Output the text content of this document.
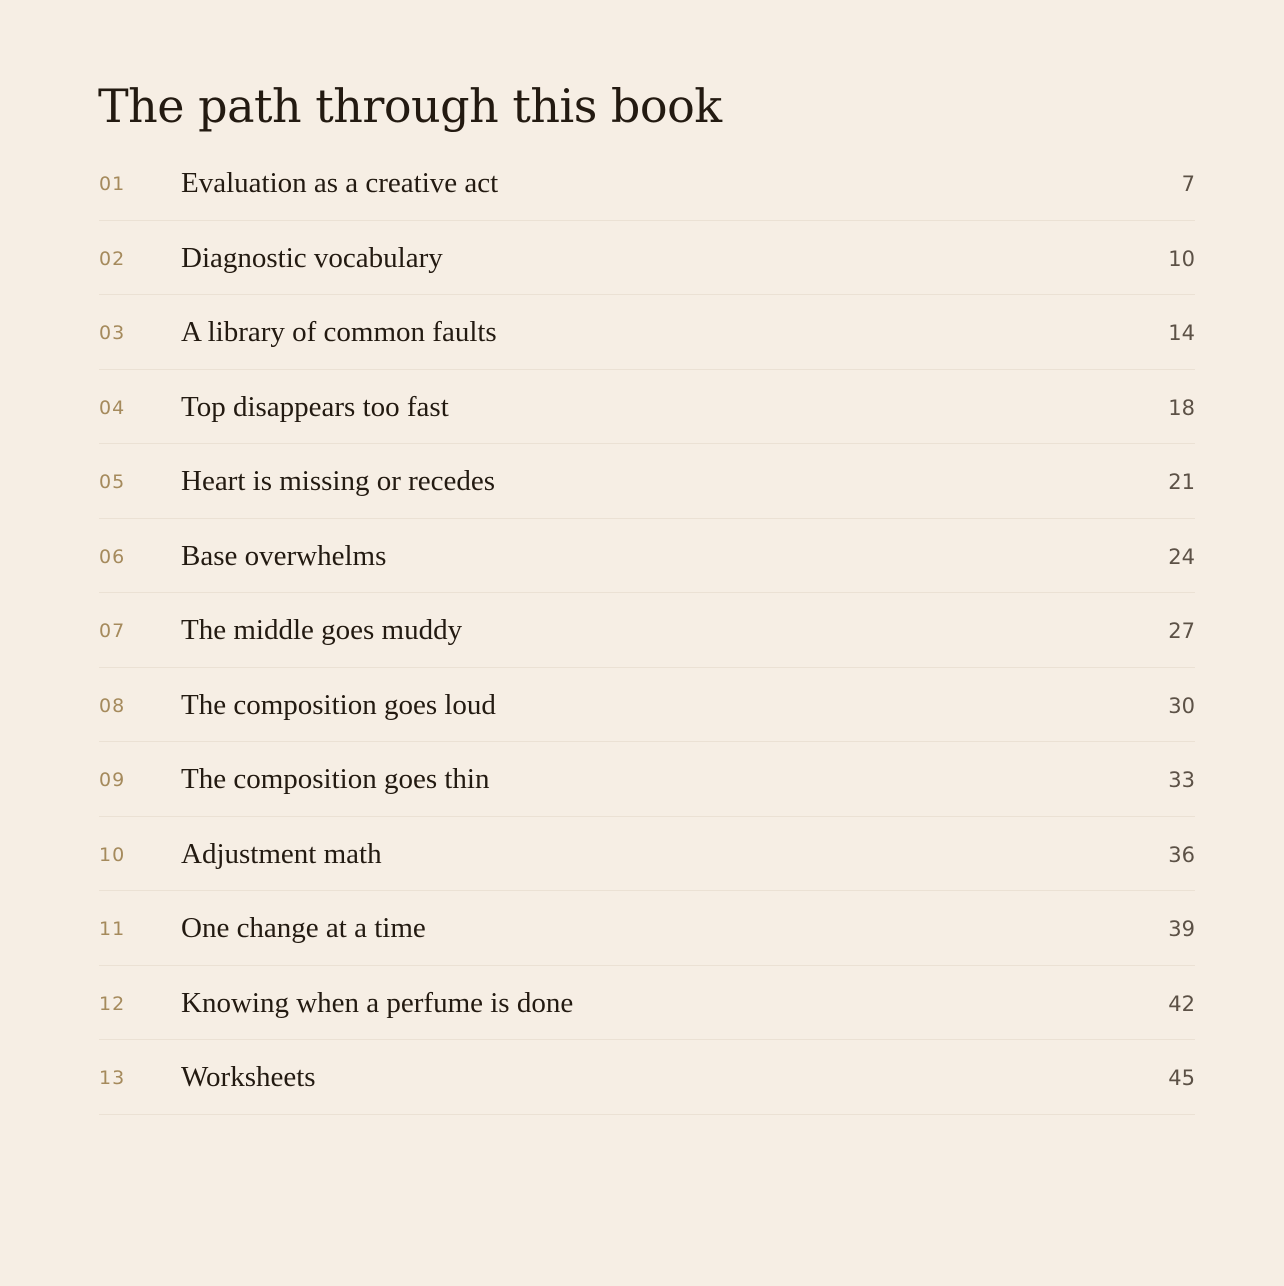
The path through this book
01 Evaluation as a creative act	7
02 Diagnostic vocabulary	10
03 A library of common faults	14
04 Top disappears too fast	18
05 Heart is missing or recedes	21
06 Base overwhelms	24
07 The middle goes muddy	27
08 The composition goes loud	30
09 The composition goes thin	33
10 Adjustment math	36
11 One change at a time	39
12 Knowing when a perfume is done	42
13 Worksheets	45
